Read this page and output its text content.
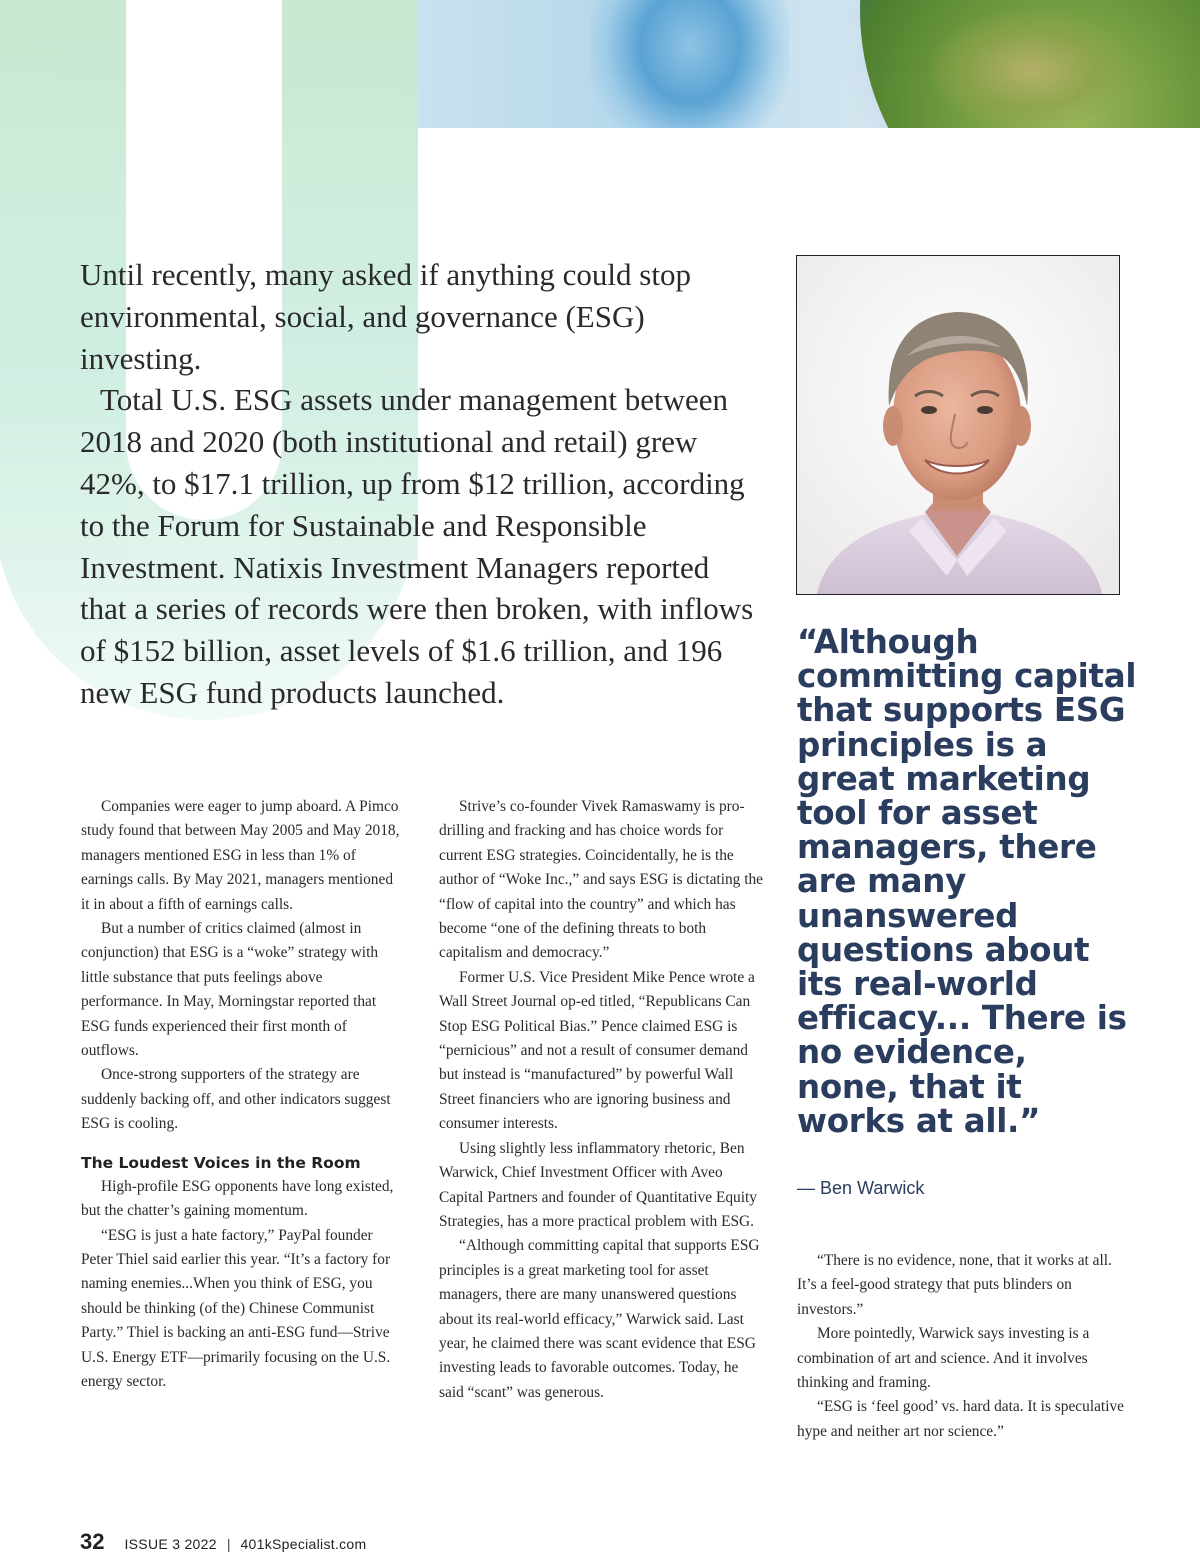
Until recently, many asked if anything could stop environmental, social, and governance (ESG) investing.

Total U.S. ESG assets under management between 2018 and 2020 (both institutional and retail) grew 42%, to $17.1 trillion, up from $12 trillion, according to the Forum for Sustainable and Responsible Investment. Natixis Investment Managers reported that a series of records were then broken, with inflows of $152 billion, asset levels of $1.6 trillion, and 196 new ESG fund products launched.

“Although committing capital that supports ESG principles is a great marketing tool for asset managers, there are many unanswered questions about its real-world efficacy... There is no evidence, none, that it works at all.”
— Ben Warwick

Companies were eager to jump aboard. A Pimco study found that between May 2005 and May 2018, managers mentioned ESG in less than 1% of earnings calls. By May 2021, managers mentioned it in about a fifth of earnings calls.

But a number of critics claimed (almost in conjunction) that ESG is a “woke” strategy with little substance that puts feelings above performance. In May, Morningstar reported that ESG funds experienced their first month of outflows.

Once-strong supporters of the strategy are suddenly backing off, and other indicators suggest ESG is cooling.

The Loudest Voices in the Room

High-profile ESG opponents have long existed, but the chatter’s gaining momentum.

“ESG is just a hate factory,” PayPal founder Peter Thiel said earlier this year. “It’s a factory for naming enemies...When you think of ESG, you should be thinking (of the) Chinese Communist Party.” Thiel is backing an anti-ESG fund—Strive U.S. Energy ETF—primarily focusing on the U.S. energy sector.

Strive’s co-founder Vivek Ramaswamy is pro-drilling and fracking and has choice words for current ESG strategies. Coincidentally, he is the author of “Woke Inc.,” and says ESG is dictating the “flow of capital into the country” and which has become “one of the defining threats to both capitalism and democracy.”

Former U.S. Vice President Mike Pence wrote a Wall Street Journal op-ed titled, “Republicans Can Stop ESG Political Bias.” Pence claimed ESG is “pernicious” and not a result of consumer demand but instead is “manufactured” by powerful Wall Street financiers who are ignoring business and consumer interests.

Using slightly less inflammatory rhetoric, Ben Warwick, Chief Investment Officer with Aveo Capital Partners and founder of Quantitative Equity Strategies, has a more practical problem with ESG.

“Although committing capital that supports ESG principles is a great marketing tool for asset managers, there are many unanswered questions about its real-world efficacy,” Warwick said. Last year, he claimed there was scant evidence that ESG investing leads to favorable outcomes. Today, he said “scant” was generous.

“There is no evidence, none, that it works at all. It’s a feel-good strategy that puts blinders on investors.”

More pointedly, Warwick says investing is a combination of art and science. And it involves thinking and framing.

“ESG is ‘feel good’ vs. hard data. It is speculative hype and neither art nor science.”

32 ISSUE 3 2022 | 401kSpecialist.com
